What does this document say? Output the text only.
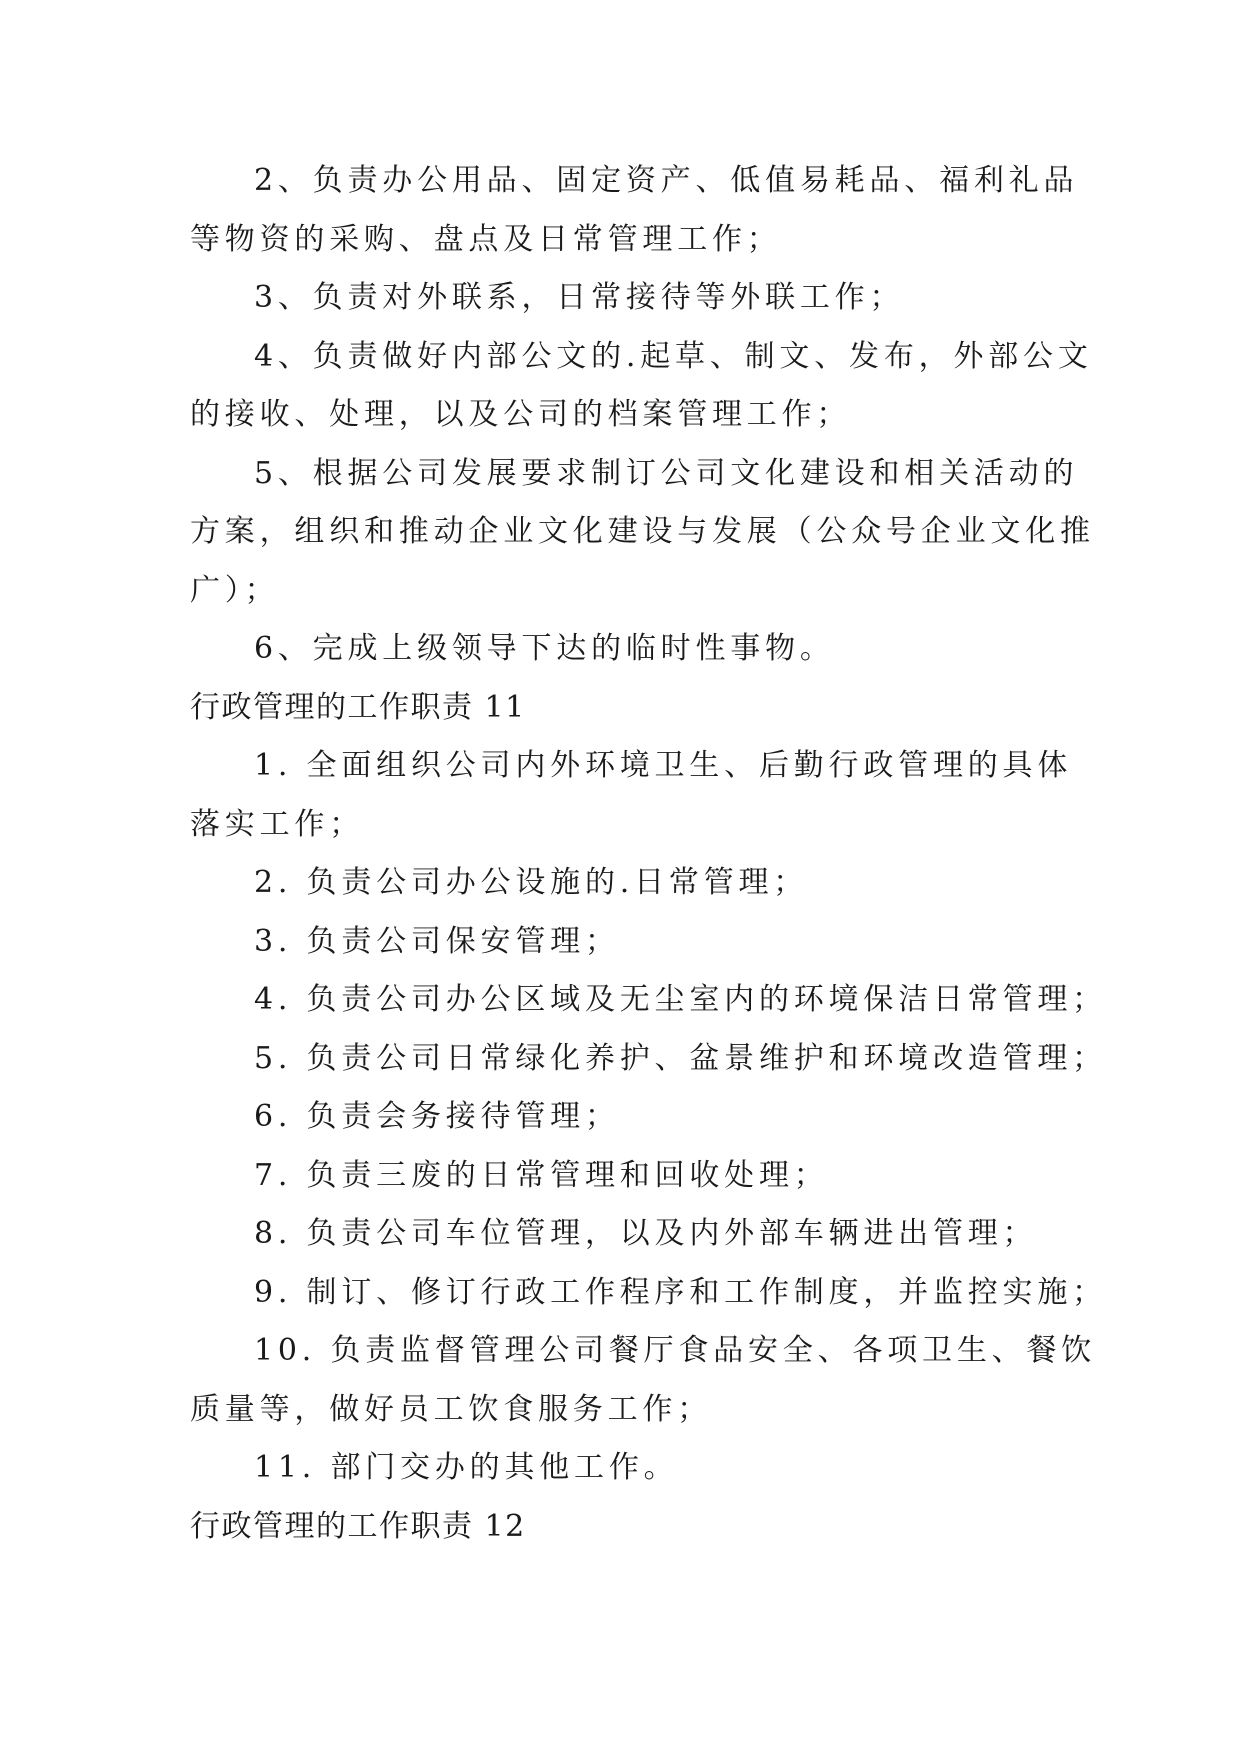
2、负责办公用品、固定资产、低值易耗品、福利礼品
等物资的采购、盘点及日常管理工作；
3、负责对外联系，日常接待等外联工作；
4、负责做好内部公文的.起草、制文、发布，外部公文
的接收、处理，以及公司的档案管理工作；
5、根据公司发展要求制订公司文化建设和相关活动的
方案，组织和推动企业文化建设与发展（公众号企业文化推
广）；
6、完成上级领导下达的临时性事物。
行政管理的工作职责 11
1. 全面组织公司内外环境卫生、后勤行政管理的具体
落实工作；
2. 负责公司办公设施的.日常管理；
3. 负责公司保安管理；
4. 负责公司办公区域及无尘室内的环境保洁日常管理；
5. 负责公司日常绿化养护、盆景维护和环境改造管理；
6. 负责会务接待管理；
7. 负责三废的日常管理和回收处理；
8. 负责公司车位管理，以及内外部车辆进出管理；
9. 制订、修订行政工作程序和工作制度，并监控实施；
10. 负责监督管理公司餐厅食品安全、各项卫生、餐饮
质量等，做好员工饮食服务工作；
11. 部门交办的其他工作。
行政管理的工作职责 12
